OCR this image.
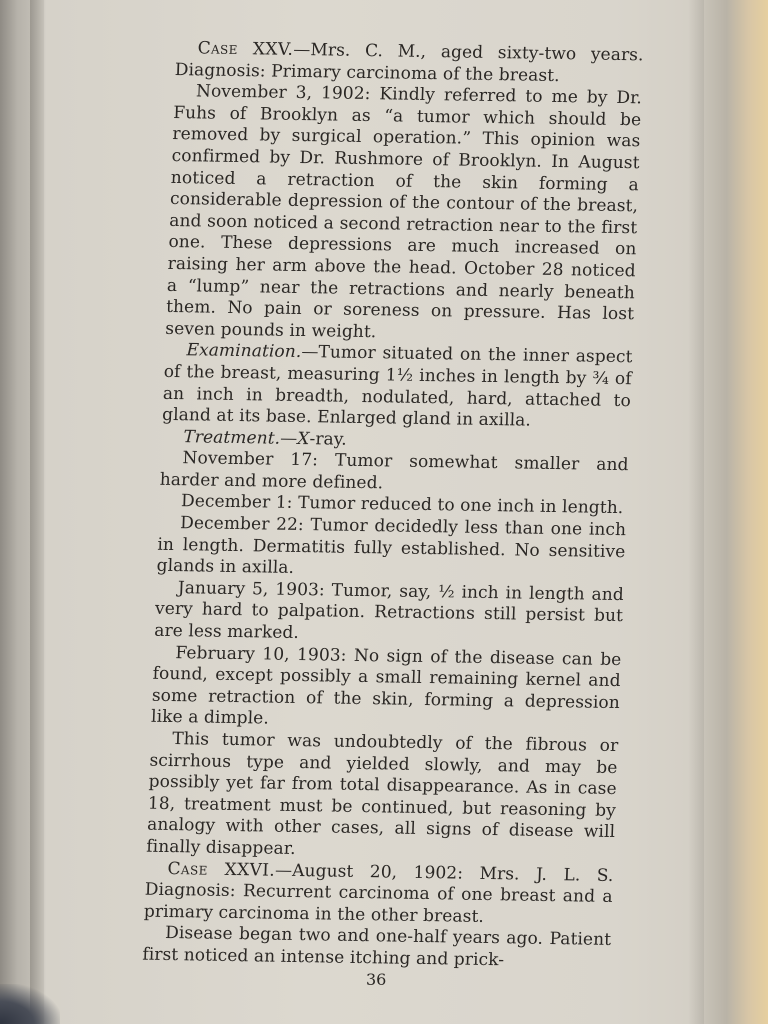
Case XXV.—Mrs. C. M., aged sixty-two years. Diagnosis: Primary carcinoma of the breast.

November 3, 1902: Kindly referred to me by Dr. Fuhs of Brooklyn as “a tumor which should be removed by surgical operation.” This opinion was confirmed by Dr. Rushmore of Brooklyn. In August noticed a retraction of the skin forming a considerable depression of the contour of the breast, and soon noticed a second retraction near to the first one. These depressions are much increased on raising her arm above the head. October 28 noticed a “lump” near the retractions and nearly beneath them. No pain or soreness on pressure. Has lost seven pounds in weight.

Examination.—Tumor situated on the inner aspect of the breast, measuring 1½ inches in length by ¾ of an inch in breadth, nodulated, hard, attached to gland at its base. Enlarged gland in axilla.

Treatment.—X-ray.

November 17: Tumor somewhat smaller and harder and more defined.

December 1: Tumor reduced to one inch in length.

December 22: Tumor decidedly less than one inch in length. Dermatitis fully established. No sensitive glands in axilla.

January 5, 1903: Tumor, say, ½ inch in length and very hard to palpation. Retractions still persist but are less marked.

February 10, 1903: No sign of the disease can be found, except possibly a small remaining kernel and some retraction of the skin, forming a depression like a dimple.

This tumor was undoubtedly of the fibrous or scirrhous type and yielded slowly, and may be possibly yet far from total disappearance. As in case 18, treatment must be continued, but reasoning by analogy with other cases, all signs of disease will finally disappear.

Case XXVI.—August 20, 1902: Mrs. J. L. S. Diagnosis: Recurrent carcinoma of one breast and a primary carcinoma in the other breast.

Disease began two and one-half years ago. Patient first noticed an intense itching and prick-

36
